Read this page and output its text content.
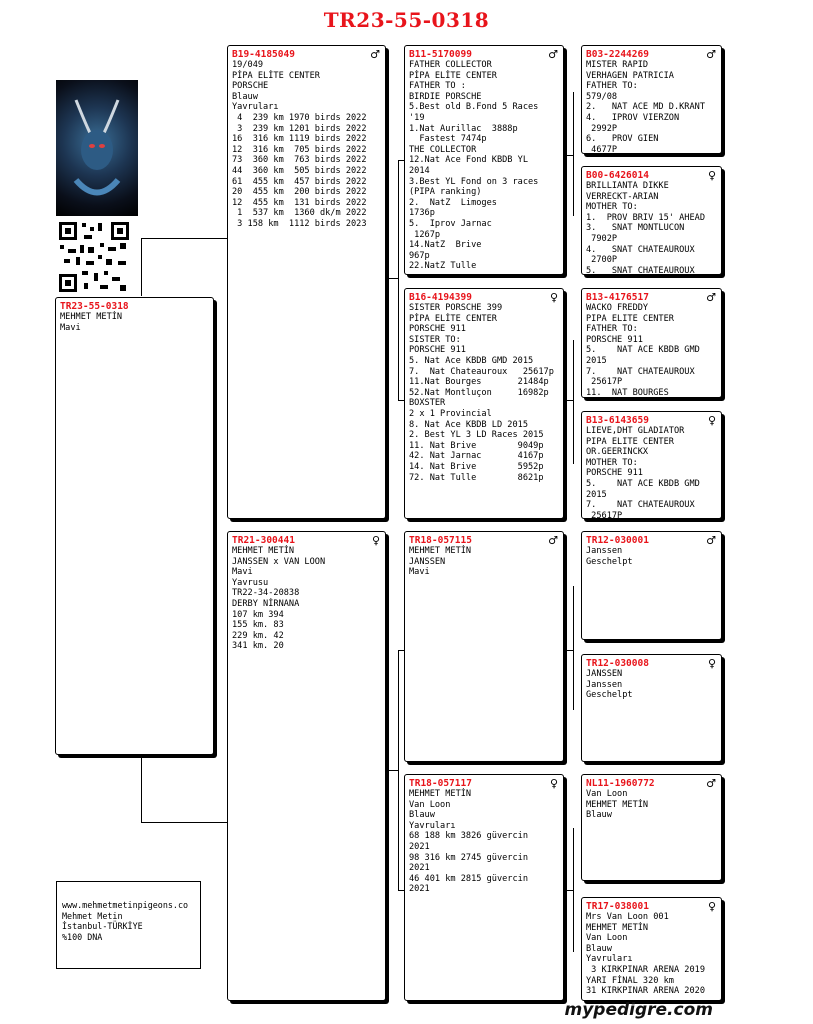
TR23-55-0318
TR23-55-0318
MEHMET METİN
Mavi
B19-4185049	♂
19/049
PİPA ELİTE CENTER
PORSCHE
Blauw
Yavruları
4  239 km 1970 birds 2022
3  239 km 1201 birds 2022
16  316 km 1119 birds 2022
12  316 km  705 birds 2022
73  360 km  763 birds 2022
44  360 km  505 birds 2022
61  455 km  457 birds 2022
20  455 km  200 birds 2022
12  455 km  131 birds 2022
1  537 km  1360 dk/m 2022
3 158 km  1112 birds 2023
TR21-300441	♀
MEHMET METİN
JANSSEN x VAN LOON
Mavi
Yavrusu
TR22-34-20838
DERBY NİRNANA
107 km 394
155 km. 83
229 km. 42
341 km. 20
B11-5170099	♂
FATHER COLLECTOR
PİPA ELİTE CENTER
FATHER TO :
BIRDIE PORSCHE
5.Best old B.Fond 5 Races
'19
1.Nat Aurillac  3888p
Fastest 7474p
THE COLLECTOR
12.Nat Ace Fond KBDB YL
2014
3.Best YL Fond on 3 races
(PIPA ranking)
2.  NatZ  Limoges
1736p
5.  Iprov Jarnac
1267p
14.NatZ  Brive
967p
22.NatZ Tulle
B16-4194399	♀
SISTER PORSCHE 399
PİPA ELİTE CENTER
PORSCHE 911
SISTER TO:
PORSCHE 911
5. Nat Ace KBDB GMD 2015
7.  Nat Chateauroux   25617p
11.Nat Bourges       21484p
52.Nat Montluçon     16982p
BOXSTER
2 x 1 Provincial
8. Nat Ace KBDB LD 2015
2. Best YL 3 LD Races 2015
11. Nat Brive        9049p
42. Nat Jarnac       4167p
14. Nat Brive        5952p
72. Nat Tulle        8621p
TR18-057115	♂
MEHMET METİN
JANSSEN
Mavi
TR18-057117	♀
MEHMET METİN
Van Loon
Blauw
Yavruları
68 188 km 3826 güvercin
2021
98 316 km 2745 güvercin
2021
46 401 km 2815 güvercin
2021
B03-2244269	♂
MISTER RAPID
VERHAGEN PATRICIA
FATHER TO:
579/08
2.   NAT ACE MD D.KRANT
4.   IPROV VIERZON
2992P
6.   PROV GIEN
4677P
B00-6426014	♀
BRILLIANTA DIKKE
VERRECKT-ARIAN
MOTHER TO:
1.  PROV BRIV 15' AHEAD
3.   SNAT MONTLUCON
7902P
4.   SNAT CHATEAUROUX
2700P
5.   SNAT CHATEAUROUX
B13-4176517	♂
WACKO FREDDY
PIPA ELITE CENTER
FATHER TO:
PORSCHE 911
5.    NAT ACE KBDB GMD
2015
7.    NAT CHATEAUROUX
25617P
11.  NAT BOURGES
B13-6143659	♀
LIEVE,DHT GLADIATOR
PIPA ELITE CENTER
OR.GEERINCKX
MOTHER TO:
PORSCHE 911
5.    NAT ACE KBDB GMD
2015
7.    NAT CHATEAUROUX
25617P
TR12-030001	♂
Janssen
Geschelpt
TR12-030008	♀
JANSSEN
Janssen
Geschelpt
NL11-1960772	♂
Van Loon
MEHMET METİN
Blauw
TR17-038001	♀
Mrs Van Loon 001
MEHMET METİN
Van Loon
Blauw
Yavruları
3 KIRKPINAR ARENA 2019
YARI FİNAL 320 km
31 KIRKPINAR ARENA 2020
www.mehmetmetinpigeons.co
Mehmet Metin
İstanbul-TÜRKİYE
%100 DNA
mypedigre.com
